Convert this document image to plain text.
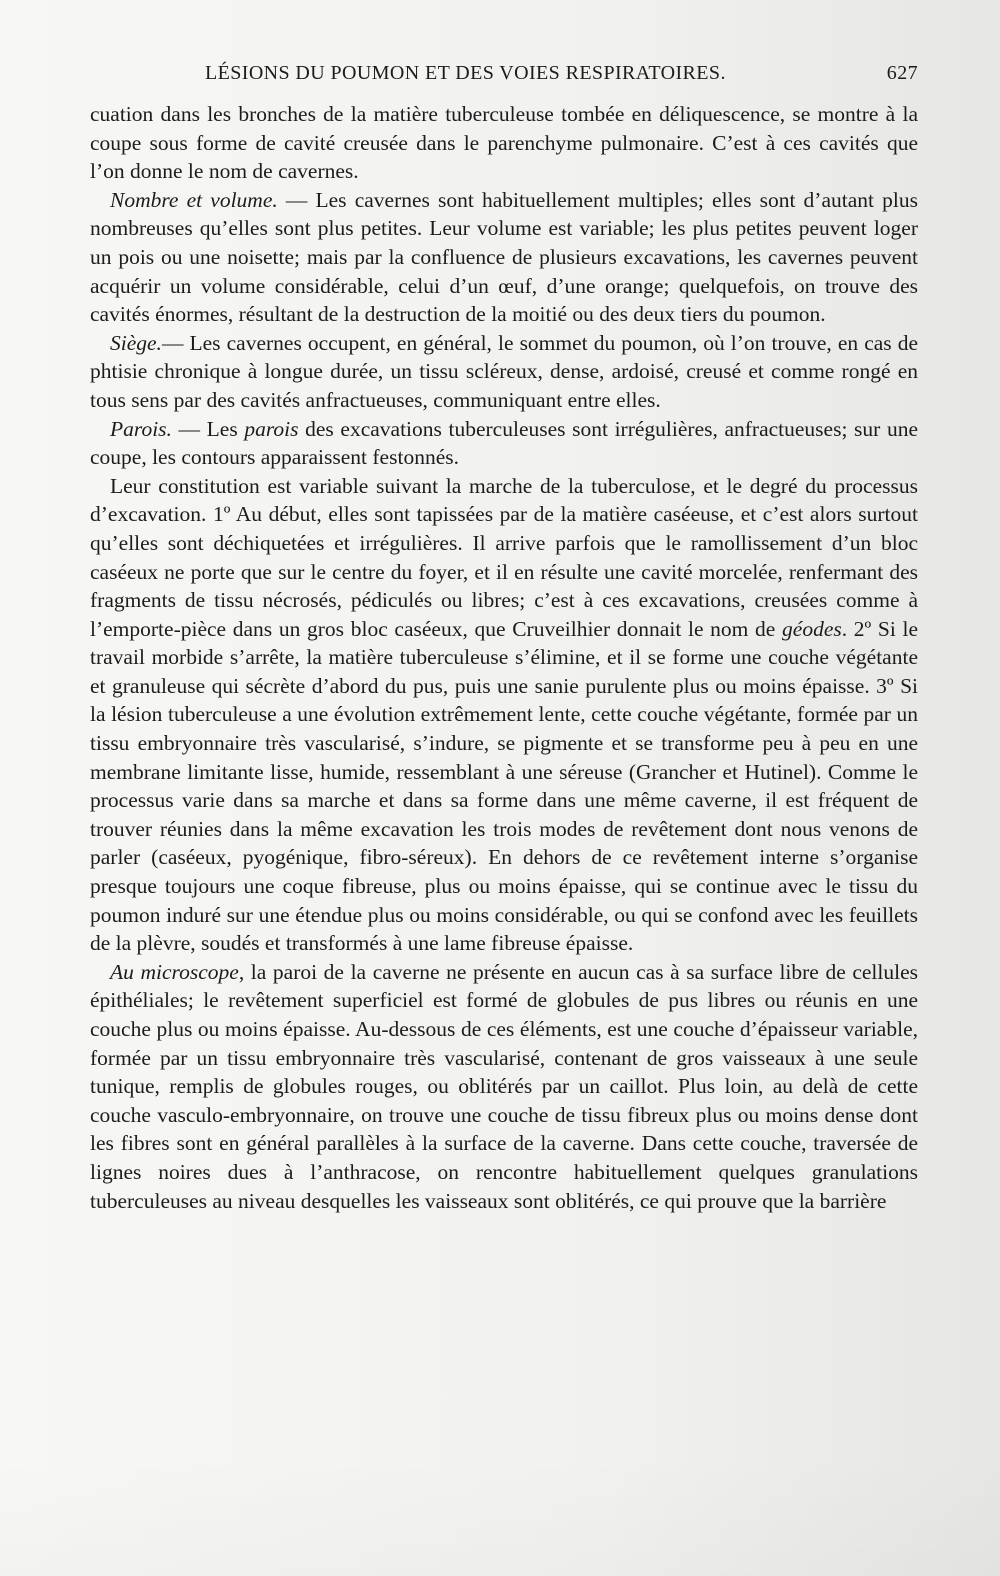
LÉSIONS DU POUMON ET DES VOIES RESPIRATOIRES.	627

cuation dans les bronches de la matière tuberculeuse tombée en déliquescence, se montre à la coupe sous forme de cavité creusée dans le parenchyme pulmonaire. C’est à ces cavités que l’on donne le nom de cavernes.

Nombre et volume. — Les cavernes sont habituellement multiples; elles sont d’autant plus nombreuses qu’elles sont plus petites. Leur volume est variable; les plus petites peuvent loger un pois ou une noisette; mais par la confluence de plusieurs excavations, les cavernes peuvent acquérir un volume considérable, celui d’un œuf, d’une orange; quelquefois, on trouve des cavités énormes, résultant de la destruction de la moitié ou des deux tiers du poumon.

Siège.— Les cavernes occupent, en général, le sommet du poumon, où l’on trouve, en cas de phtisie chronique à longue durée, un tissu scléreux, dense, ardoisé, creusé et comme rongé en tous sens par des cavités anfractueuses, communiquant entre elles.

Parois. — Les parois des excavations tuberculeuses sont irrégulières, anfractueuses; sur une coupe, les contours apparaissent festonnés.

Leur constitution est variable suivant la marche de la tuberculose, et le degré du processus d’excavation. 1º Au début, elles sont tapissées par de la matière caséeuse, et c’est alors surtout qu’elles sont déchiquetées et irrégulières. Il arrive parfois que le ramollissement d’un bloc caséeux ne porte que sur le centre du foyer, et il en résulte une cavité morcelée, renfermant des fragments de tissu nécrosés, pédiculés ou libres; c’est à ces excavations, creusées comme à l’emporte-pièce dans un gros bloc caséeux, que Cruveilhier donnait le nom de géodes. 2º Si le travail morbide s’arrête, la matière tuberculeuse s’élimine, et il se forme une couche végétante et granuleuse qui sécrète d’abord du pus, puis une sanie purulente plus ou moins épaisse. 3º Si la lésion tuberculeuse a une évolution extrêmement lente, cette couche végétante, formée par un tissu embryonnaire très vascularisé, s’indure, se pigmente et se transforme peu à peu en une membrane limitante lisse, humide, ressemblant à une séreuse (Grancher et Hutinel). Comme le processus varie dans sa marche et dans sa forme dans une même caverne, il est fréquent de trouver réunies dans la même excavation les trois modes de revêtement dont nous venons de parler (caséeux, pyogénique, fibro-séreux). En dehors de ce revêtement interne s’organise presque toujours une coque fibreuse, plus ou moins épaisse, qui se continue avec le tissu du poumon induré sur une étendue plus ou moins considérable, ou qui se confond avec les feuillets de la plèvre, soudés et transformés à une lame fibreuse épaisse.

Au microscope, la paroi de la caverne ne présente en aucun cas à sa surface libre de cellules épithéliales; le revêtement superficiel est formé de globules de pus libres ou réunis en une couche plus ou moins épaisse. Au-dessous de ces éléments, est une couche d’épaisseur variable, formée par un tissu embryonnaire très vascularisé, contenant de gros vaisseaux à une seule tunique, remplis de globules rouges, ou oblitérés par un caillot. Plus loin, au delà de cette couche vasculo-embryonnaire, on trouve une couche de tissu fibreux plus ou moins dense dont les fibres sont en général parallèles à la surface de la caverne. Dans cette couche, traversée de lignes noires dues à l’anthracose, on rencontre habituellement quelques granulations tuberculeuses au niveau desquelles les vaisseaux sont oblitérés, ce qui prouve que la barrière
